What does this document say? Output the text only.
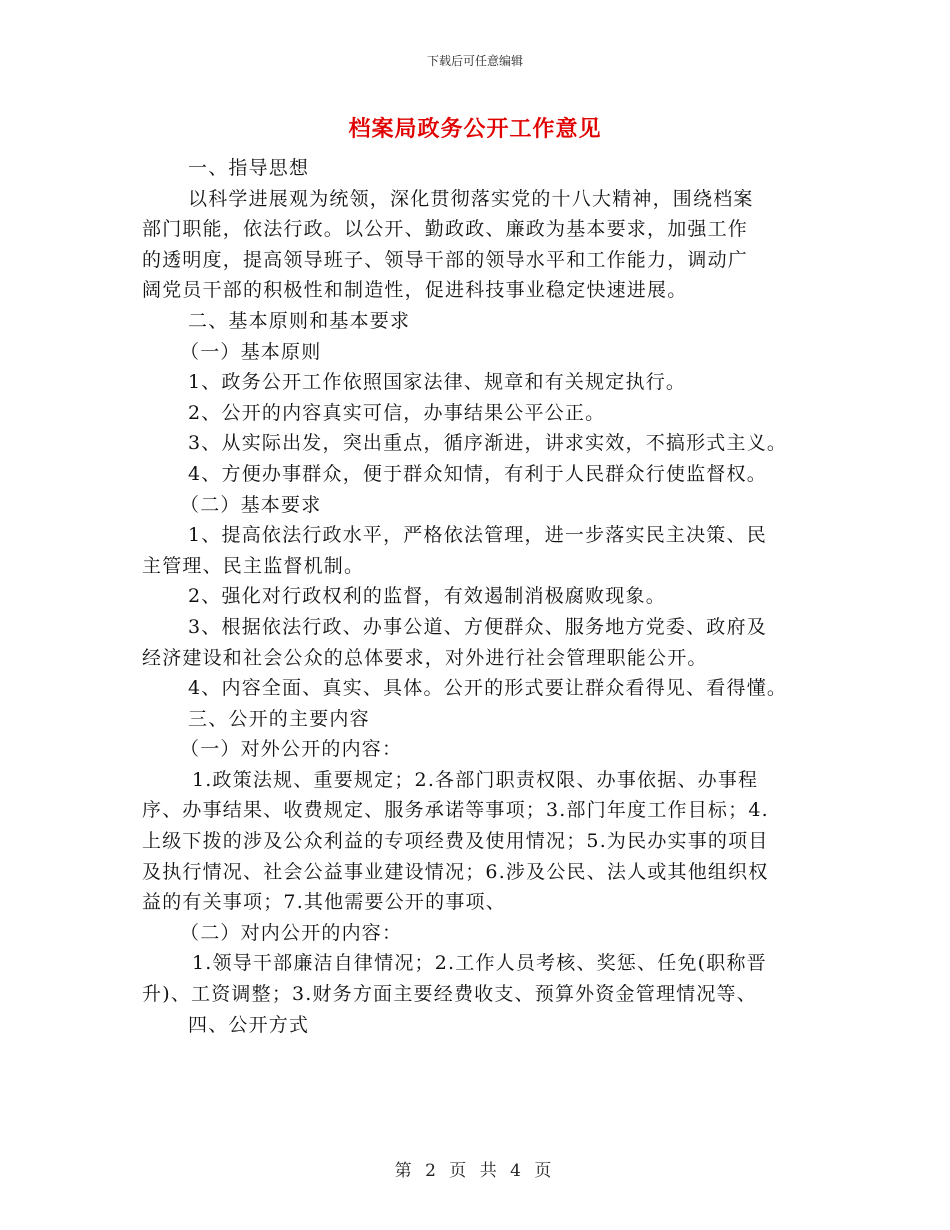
下载后可任意编辑
档案局政务公开工作意见
一、指导思想
以科学进展观为统领，深化贯彻落实党的十八大精神，围绕档案
部门职能，依法行政。以公开、勤政政、廉政为基本要求，加强工作
的透明度，提高领导班子、领导干部的领导水平和工作能力，调动广
阔党员干部的积极性和制造性，促进科技事业稳定快速进展。
二、基本原则和基本要求
（一）基本原则
1、政务公开工作依照国家法律、规章和有关规定执行。
2、公开的内容真实可信，办事结果公平公正。
3、从实际出发，突出重点，循序渐进，讲求实效，不搞形式主义。
4、方便办事群众，便于群众知情，有利于人民群众行使监督权。
（二）基本要求
1、提高依法行政水平，严格依法管理，进一步落实民主决策、民
主管理、民主监督机制。
2、强化对行政权利的监督，有效遏制消极腐败现象。
3、根据依法行政、办事公道、方便群众、服务地方党委、政府及
经济建设和社会公众的总体要求，对外进行社会管理职能公开。
4、内容全面、真实、具体。公开的形式要让群众看得见、看得懂。
三、公开的主要内容
（一）对外公开的内容：
1.政策法规、重要规定；2.各部门职责权限、办事依据、办事程
序、办事结果、收费规定、服务承诺等事项；3.部门年度工作目标；4.
上级下拨的涉及公众利益的专项经费及使用情况；5.为民办实事的项目
及执行情况、社会公益事业建设情况；6.涉及公民、法人或其他组织权
益的有关事项；7.其他需要公开的事项、
（二）对内公开的内容：
1.领导干部廉洁自律情况；2.工作人员考核、奖惩、任免(职称晋
升)、工资调整；3.财务方面主要经费收支、预算外资金管理情况等、
四、公开方式
第 2 页 共 4 页
